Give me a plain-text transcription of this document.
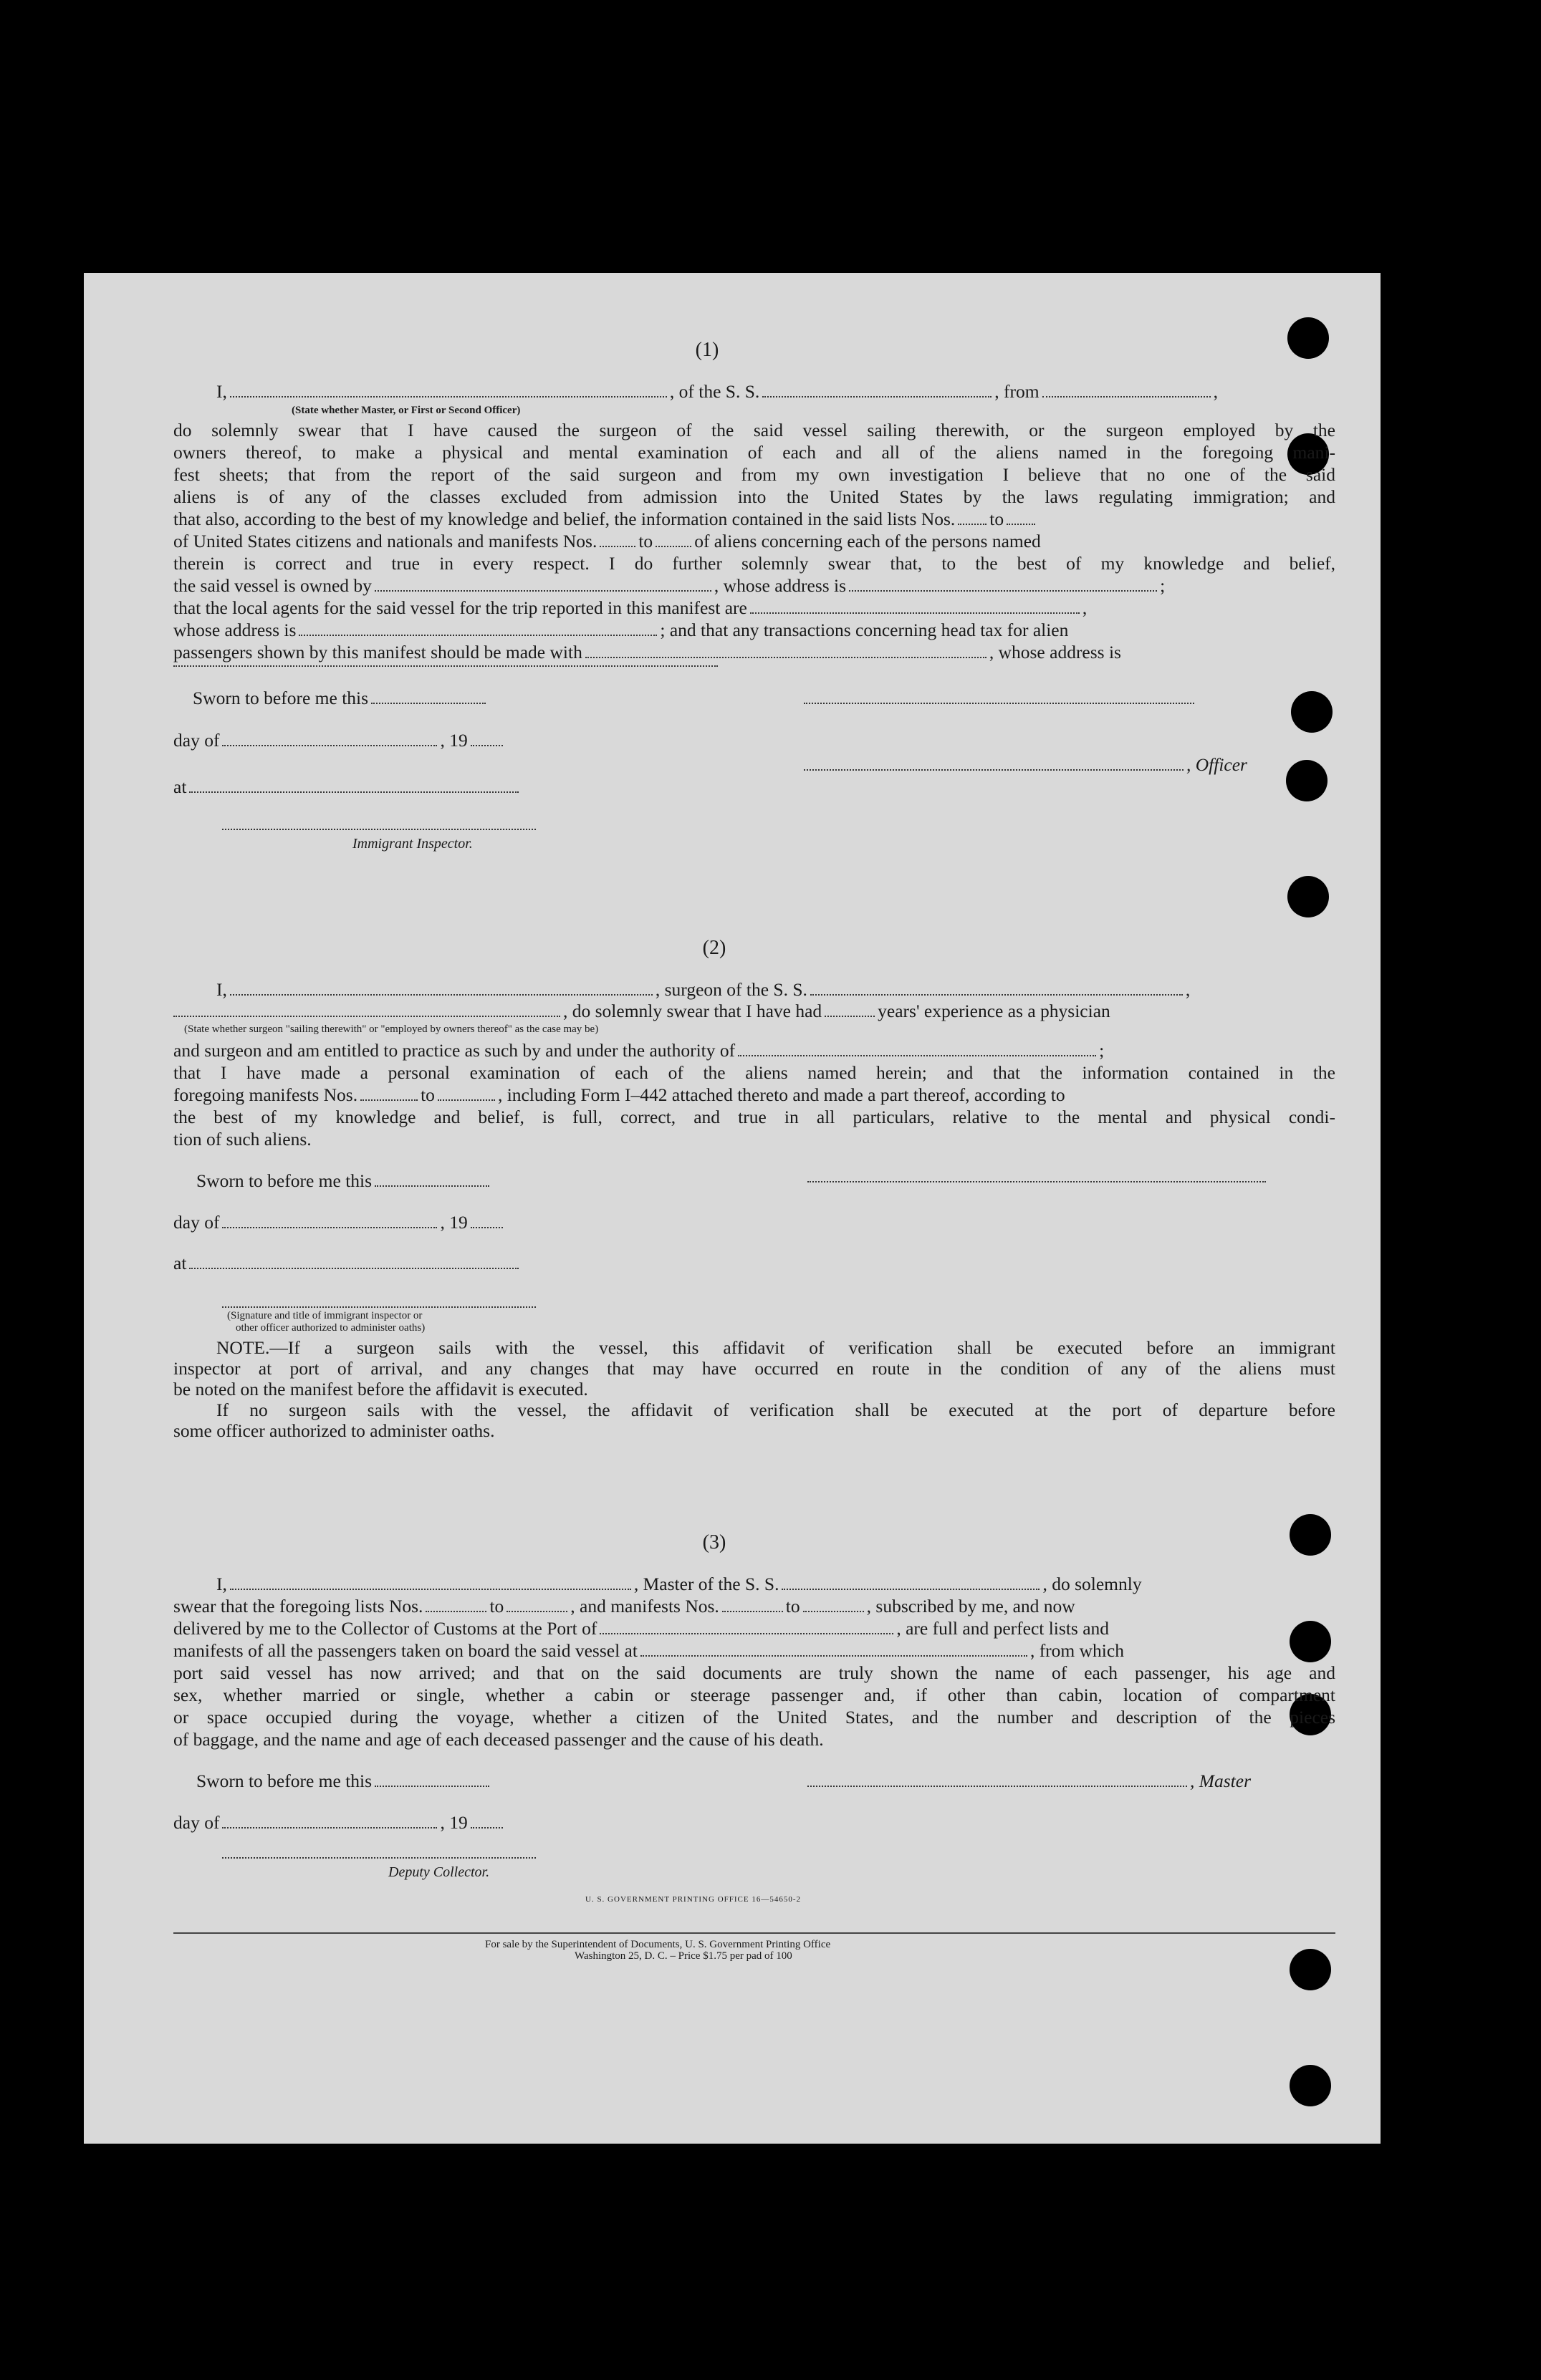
(1)
I,	, of the S. S.	, from	,
(State whether Master, or First or Second Officer)
do solemnly swear that I have caused the surgeon of the said vessel sailing therewith, or the surgeon employed by the
owners thereof, to make a physical and mental examination of each and all of the aliens named in the foregoing mani-
fest sheets; that from the report of the said surgeon and from my own investigation I believe that no one of the said
aliens is of any of the classes excluded from admission into the United States by the laws regulating immigration; and
that also, according to the best of my knowledge and belief, the information contained in the said lists Nos. to
of United States citizens and nationals and manifests Nos. to of aliens concerning each of the persons named
therein is correct and true in every respect. I do further solemnly swear that, to the best of my knowledge and belief,
the said vessel is owned by	, whose address is	;
that the local agents for the said vessel for the trip reported in this manifest are	,
whose address is	; and that any transactions concerning head tax for alien
passengers shown by this manifest should be made with	, whose address is
Sworn to before me this
day of	, 19
, Officer
at
Immigrant Inspector.
(2)
I,	, surgeon of the S. S.	,
, do solemnly swear that I have had	years' experience as a physician
(State whether surgeon "sailing therewith" or "employed by owners thereof" as the case may be)
and surgeon and am entitled to practice as such by and under the authority of	;
that I have made a personal examination of each of the aliens named herein; and that the information contained in the
foregoing manifests Nos.	to	, including Form I–442 attached thereto and made a part thereof, according to
the best of my knowledge and belief, is full, correct, and true in all particulars, relative to the mental and physical condi-
tion of such aliens.
Sworn to before me this
day of	, 19
at
(Signature and title of immigrant inspector or
other officer authorized to administer oaths)
NOTE.—If a surgeon sails with the vessel, this affidavit of verification shall be executed before an immigrant
inspector at port of arrival, and any changes that may have occurred en route in the condition of any of the aliens must
be noted on the manifest before the affidavit is executed.
If no surgeon sails with the vessel, the affidavit of verification shall be executed at the port of departure before
some officer authorized to administer oaths.
(3)
I,	, Master of the S. S.	, do solemnly
swear that the foregoing lists Nos.	to	, and manifests Nos.	to	, subscribed by me, and now
delivered by me to the Collector of Customs at the Port of	, are full and perfect lists and
manifests of all the passengers taken on board the said vessel at	, from which
port said vessel has now arrived; and that on the said documents are truly shown the name of each passenger, his age and
sex, whether married or single, whether a cabin or steerage passenger and, if other than cabin, location of compartment
or space occupied during the voyage, whether a citizen of the United States, and the number and description of the pieces
of baggage, and the name and age of each deceased passenger and the cause of his death.
Sworn to before me this	, Master
day of	, 19
Deputy Collector.
U. S. GOVERNMENT PRINTING OFFICE 16—54650-2
For sale by the Superintendent of Documents, U. S. Government Printing Office
Washington 25, D. C. – Price $1.75 per pad of 100
